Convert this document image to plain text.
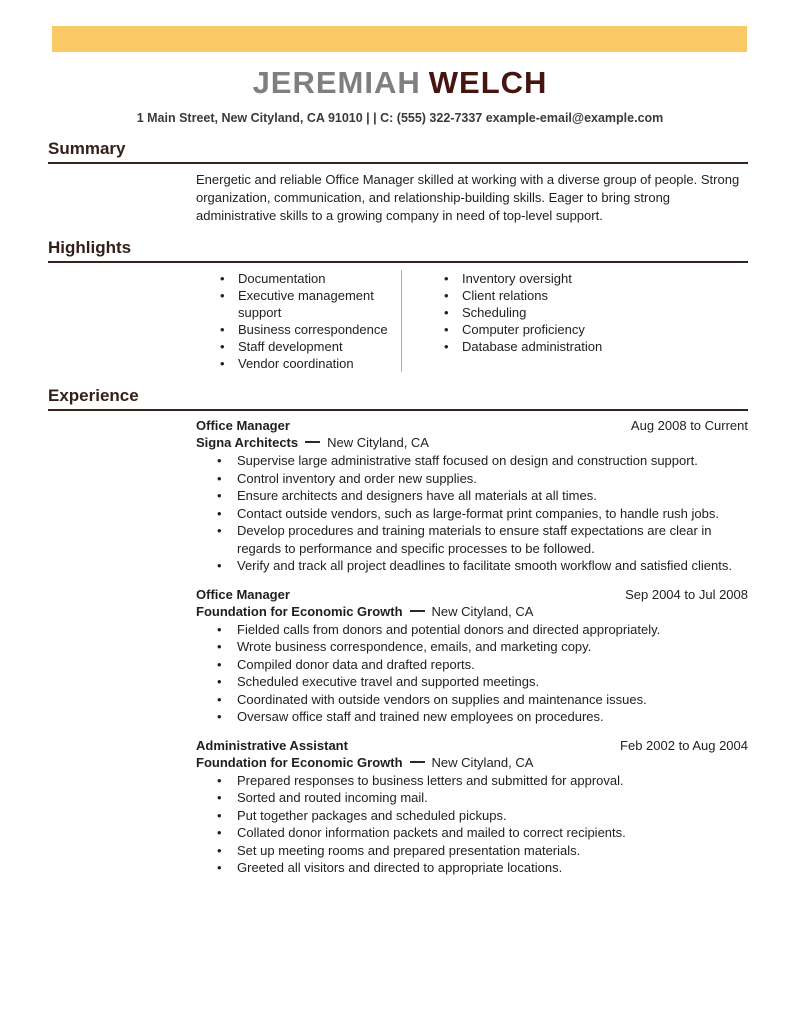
JEREMIAH WELCH
1 Main Street, New Cityland, CA 91010 | | C: (555) 322-7337 example-email@example.com
Summary
Energetic and reliable Office Manager skilled at working with a diverse group of people. Strong organization, communication, and relationship-building skills. Eager to bring strong administrative skills to a growing company in need of top-level support.
Highlights
• Documentation
• Executive management support
• Business correspondence
• Staff development
• Vendor coordination
• Inventory oversight
• Client relations
• Scheduling
• Computer proficiency
• Database administration
Experience
Office Manager	Aug 2008 to Current
Signa Architects New Cityland, CA
• Supervise large administrative staff focused on design and construction support.
• Control inventory and order new supplies.
• Ensure architects and designers have all materials at all times.
• Contact outside vendors, such as large-format print companies, to handle rush jobs.
• Develop procedures and training materials to ensure staff expectations are clear in regards to performance and specific processes to be followed.
• Verify and track all project deadlines to facilitate smooth workflow and satisfied clients.
Office Manager	Sep 2004 to Jul 2008
Foundation for Economic Growth New Cityland, CA
• Fielded calls from donors and potential donors and directed appropriately.
• Wrote business correspondence, emails, and marketing copy.
• Compiled donor data and drafted reports.
• Scheduled executive travel and supported meetings.
• Coordinated with outside vendors on supplies and maintenance issues.
• Oversaw office staff and trained new employees on procedures.
Administrative Assistant	Feb 2002 to Aug 2004
Foundation for Economic Growth New Cityland, CA
• Prepared responses to business letters and submitted for approval.
• Sorted and routed incoming mail.
• Put together packages and scheduled pickups.
• Collated donor information packets and mailed to correct recipients.
• Set up meeting rooms and prepared presentation materials.
• Greeted all visitors and directed to appropriate locations.
